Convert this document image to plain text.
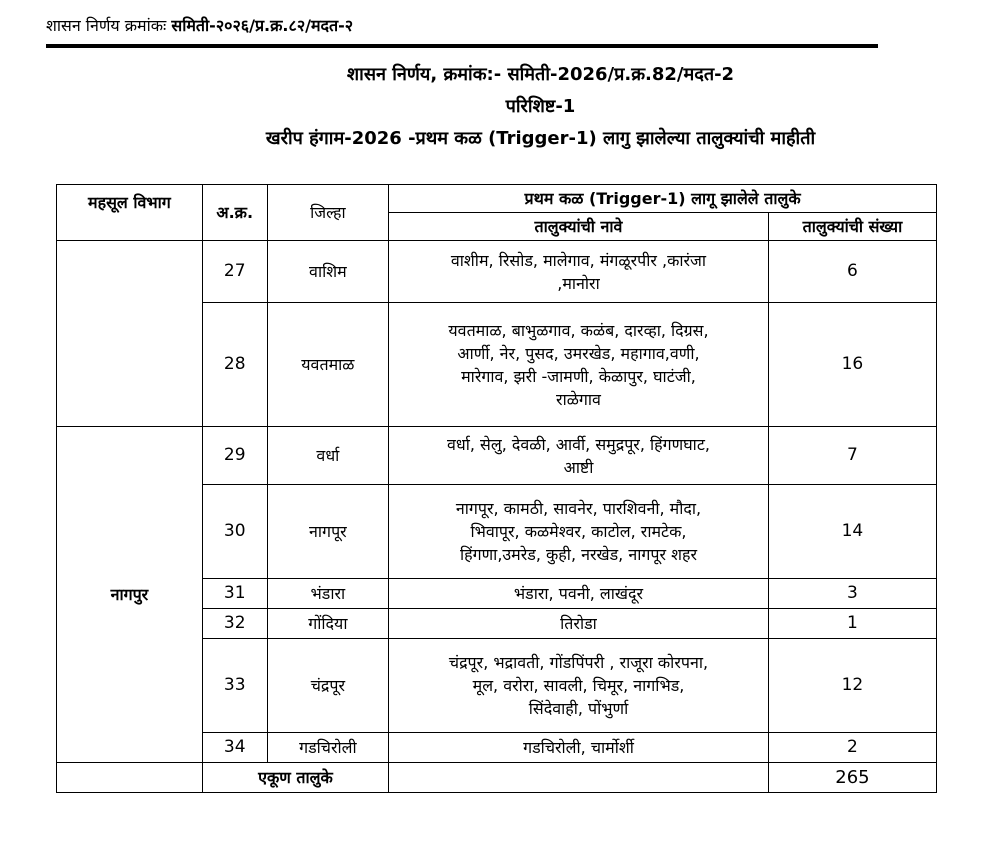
शासन निर्णय क्रमांकः समिती-२०२६/प्र.क्र.८२/मदत-२
शासन निर्णय, क्रमांक:- समिती-2026/प्र.क्र.82/मदत-2
परिशिष्ट-1
खरीप हंगाम-2026 -प्रथम कळ (Trigger-1) लागु झालेल्या तालुक्यांची माहीती
महसूल विभाग	अ.क्र.	जिल्हा	प्रथम कळ (Trigger-1) लागू झालेले तालुके	
			तालुक्यांची नावे	तालुक्यांची संख्या
	27	वाशिम	वाशीम, रिसोड, मालेगाव, मंगळूरपीर ,कारंजा
,मानोरा	6
	28	यवतमाळ	यवतमाळ, बाभुळगाव, कळंब, दारव्हा, दिग्रस,
आर्णी, नेर, पुसद, उमरखेड, महागाव,वणी,
मारेगाव, झरी -जामणी, केळापुर, घाटंजी,
राळेगाव	16
नागपुर	29	वर्धा	वर्धा, सेलु, देवळी, आर्वी, समुद्रपूर, हिंगणघाट,
आष्टी	7
	30	नागपूर	नागपूर, कामठी, सावनेर, पारशिवनी, मौदा,
भिवापूर, कळमेश्वर, काटोल, रामटेक,
हिंगणा,उमरेड, कुही, नरखेड, नागपूर शहर	14
	31	भंडारा	भंडारा, पवनी, लाखंदूर	3
	32	गोंदिया	तिरोडा	1
	33	चंद्रपूर	चंद्रपूर, भद्रावती, गोंडपिंपरी , राजूरा कोरपना,
मूल, वरोरा, सावली, चिमूर, नागभिड,
सिंदेवाही, पोंभुर्णा	12
	34	गडचिरोली	गडचिरोली, चार्मोर्शी	2
	एकूण तालुके			265
